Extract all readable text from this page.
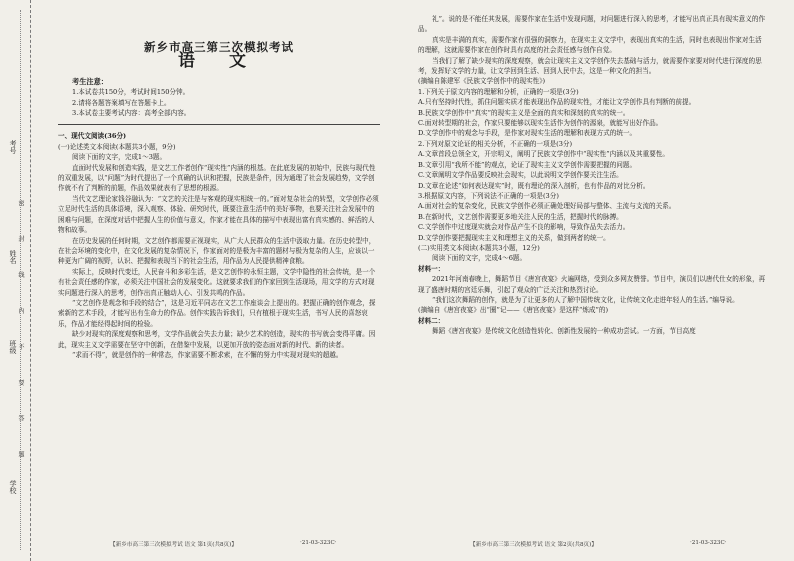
考号
姓名
班级
学校
密 封 线 内 不 要 答 题
新乡市高三第三次模拟考试
语 文
考生注意：

1.本试卷共150分，考试时间150分钟。

2.请将各题答案填写在答题卡上。

3.本试卷主要考试内容：高考全部内容。

一、现代文阅读(36分)

(一)论述类文本阅读(本题共3小题，9分)

阅读下面的文字，完成1～3题。

直面时代发展和创造实践，是文艺工作者创作“现实性”内涵的根基。在此底发展的初始中，民族与现代性的双重发展，以“问题”为时代提出了一个真确的认识和把握，民族是条件，因为通理了社会发展趋势，文学创作就不有了判断的前题，作品效果就表有了思想的根源。

当代文艺理论家钱谷融认为：“文艺的关注是与客观的现实相统一的。”面对复杂社会的转型，文学创作必须立足时代生活的具体语境，深入观察、体验、研究时代，既要注意生活中的美好事物，也要关注社会发展中的困难与问题，在深度对话中把握人生的价值与意义，作家才能在具体的描写中表现出富有真实感的、鲜活的人物和故事。

在历史发展的任何时期，文艺创作都需要正视现实，从广大人民群众的生活中汲取力量。在历史转型中，在社会环境的变化中，在文化发展的复杂情况下，作家面对的是极为丰富的题材与极为复杂的人生，应该以一种更为广阔的视野，认识、把握和表现当下的社会生活，用作品为人民提供精神食粮。

实际上，反映时代变迁，人民奋斗和多彩生活，是文艺创作的永恒主题，文学中隐性的社会传统，是一个有社会责任感的作家，必须关注中国社会的发展变化。这就要求我们的作家回到生活现场，用文学的方式对现实问题进行深入的思考，创作出真正触动人心、引发共鸣的作品。

“文艺创作是观念和手段的结合”，这是习近平同志在文艺工作座谈会上提出的。把握正确的创作观念，探索新的艺术手段，才能写出有生命力的作品。创作实践告诉我们，只有植根于现实生活，书写人民的喜怒哀乐，作品才能经得起时间的检验。

缺少对现实的深度观察和思考，文学作品就会失去力量；缺少艺术的创造，现实的书写就会变得平庸。因此，现实主义文学需要在坚守中创新，在借鉴中发展，以更加开放的姿态面对新的时代、新的读者。

“求而不得”，就是创作的一种常态，作家需要不断求索，在不懈的努力中实现对现实的超越。

礼”。说的是不能任其发展，需要作家在生活中发现问题，对问题进行深入的思考，才能写出真正具有现实意义的作品。

真实是丰满的真实，需要作家有很强的洞察力，在现实主义文学中，表现出真实的生活，同时也表现出作家对生活的理解，这就需要作家在创作时具有高度的社会责任感与创作自觉。

当我们了解了缺少现实的深度观察，就会让现实主义文学创作失去基础与活力，就需要作家要对时代进行深度的思考，发挥好文学的力量，让文学回到生活、回到人民中去，这是一种文化的担当。

(摘编自陈建军《民族文学创作中的现实性》)

1.下列关于原文内容的理解和分析，正确的一项是(3分)

A.只有坚持时代性，抓住问题实质才能表现出作品的现实性，才能让文学创作具有判断的前提。

B.民族文学创作中“真实”的现实主义是全面的真实和深刻的真实的统一。

C.面对转型期的社会，作家只要能够以现实生活作为创作的源泉，就能写出好作品。

D.文学创作中的观念与手段，是作家对现实生活的理解和表现方式的统一。

2.下列对原文论证的相关分析，不正确的一项是(3分)

A.文章首段总领全文，开宗明义，阐明了民族文学创作中“现实性”内涵以及其重要性。

B.文章引用“我所不能”的观点，论证了现实主义文学创作需要把握的问题。

C.文章阐明文学作品要反映社会现实，以此说明文学创作要关注生活。

D.文章在论述“如何表达现实”时，既有理论的深入剖析，也有作品的对比分析。

3.根据原文内容，下列说法不正确的一项是(3分)

A.面对社会的复杂变化，民族文学创作必须正确处理好局部与整体、主流与支流的关系。

B.在新时代，文艺创作需要更多地关注人民的生活，把握时代的脉搏。

C.文学创作中过度现实就会对作品产生不良的影响，导致作品失去活力。

D.文学创作要把握现实主义和理想主义的关系，做到两者的统一。

(二)实用类文本阅读(本题共3小题，12分)

阅读下面的文字，完成4～6题。

材料一：

2021年河南春晚上，舞蹈节目《唐宫夜宴》火遍网络，受到众多网友赞誉。节目中，演员们以唐代仕女的形象，再现了盛唐时期的宫廷乐舞，引起了观众的广泛关注和热烈讨论。

“我们这次舞蹈的创作，就是为了让更多的人了解中国传统文化，让传统文化走进年轻人的生活。”编导说。

(摘编自《唐宫夜宴》出“圈”记——《唐宫夜宴》是这样“炼成”的)

材料二：

舞蹈《唐宫夜宴》是传统文化创造性转化、创新性发展的一种成功尝试。一方面，节目高度

【新乡市高三第三次模拟考试 语文 第1页(共8页)】	·21-03-323C·	【新乡市高三第三次模拟考试 语文 第2页(共8页)】	·21-03-323C·
